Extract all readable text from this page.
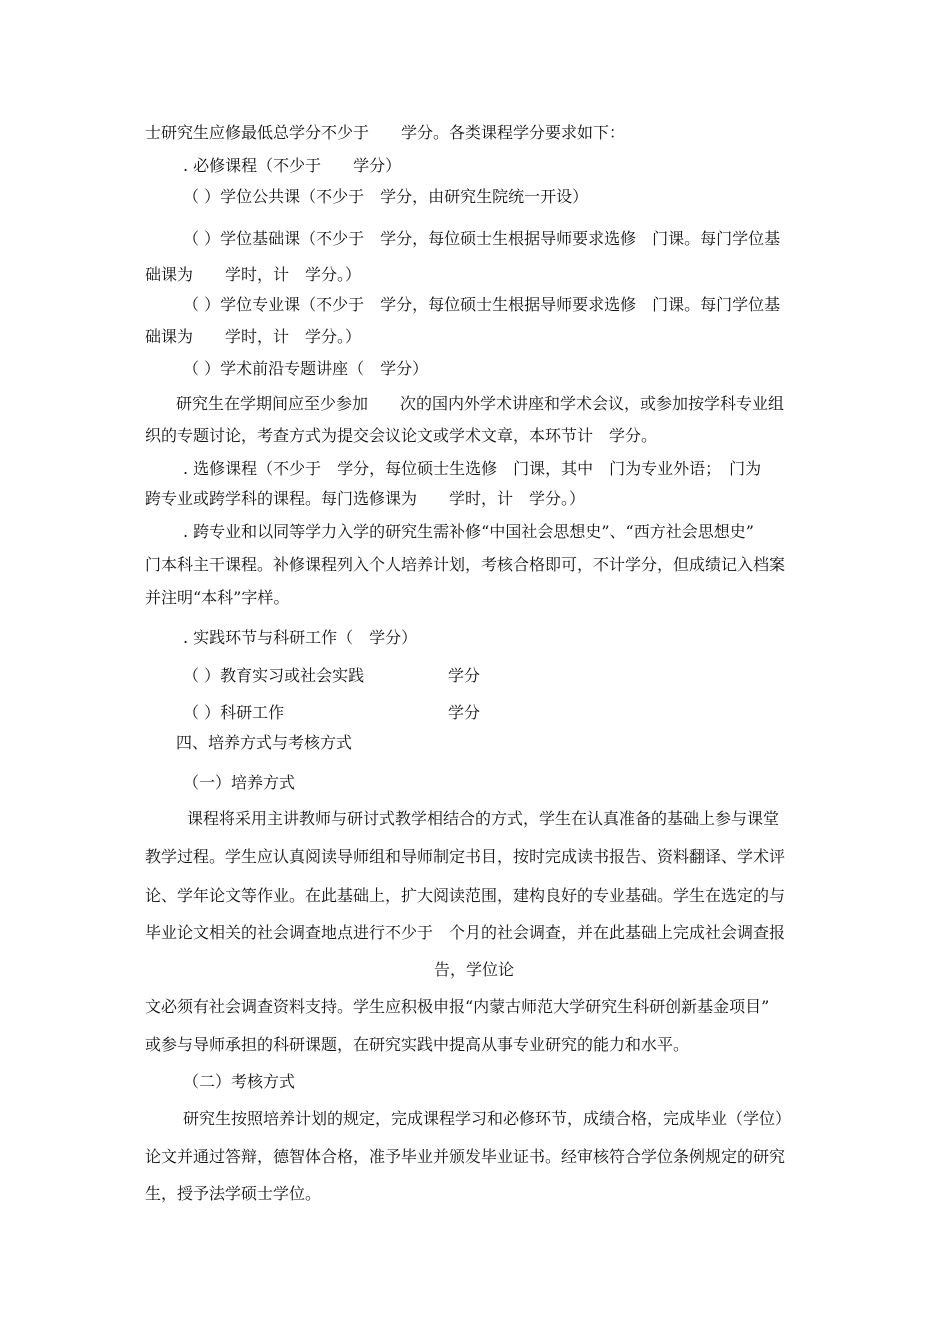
士研究生应修最低总学分不少于　　学分。各类课程学分要求如下：

. 必修课程（不少于　　学分）

（ ）学位公共课（不少于　学分，由研究生院统一开设）

（ ）学位基础课（不少于　学分，每位硕士生根据导师要求选修　门课。每门学位基

础课为　　学时，计　学分。）

（ ）学位专业课（不少于　学分，每位硕士生根据导师要求选修　门课。每门学位基

础课为　　学时，计　学分。）

（ ）学术前沿专题讲座（　学分）

研究生在学期间应至少参加　　次的国内外学术讲座和学术会议，或参加按学科专业组

织的专题讨论，考查方式为提交会议论文或学术文章，本环节计　学分。

. 选修课程（不少于　学分，每位硕士生选修　门课，其中　门为专业外语；　门为

跨专业或跨学科的课程。每门选修课为　　学时，计　学分。）

. 跨专业和以同等学力入学的研究生需补修“中国社会思想史”、“西方社会思想史”

门本科主干课程。补修课程列入个人培养计划，考核合格即可，不计学分，但成绩记入档案

并注明“本科”字样。

. 实践环节与科研工作（　学分）

（ ）教育实习或社会实践	学分

（ ）科研工作	学分

四、培养方式与考核方式

（一）培养方式

课程将采用主讲教师与研讨式教学相结合的方式，学生在认真准备的基础上参与课堂

教学过程。学生应认真阅读导师组和导师制定书目，按时完成读书报告、资料翻译、学术评

论、学年论文等作业。在此基础上，扩大阅读范围，建构良好的专业基础。学生在选定的与

毕业论文相关的社会调查地点进行不少于　个月的社会调查，并在此基础上完成社会调查报

告，学位论

文必须有社会调查资料支持。学生应积极申报“内蒙古师范大学研究生科研创新基金项目”

或参与导师承担的科研课题，在研究实践中提高从事专业研究的能力和水平。

（二）考核方式

研究生按照培养计划的规定，完成课程学习和必修环节，成绩合格，完成毕业（学位）

论文并通过答辩，德智体合格，准予毕业并颁发毕业证书。经审核符合学位条例规定的研究

生，授予法学硕士学位。
